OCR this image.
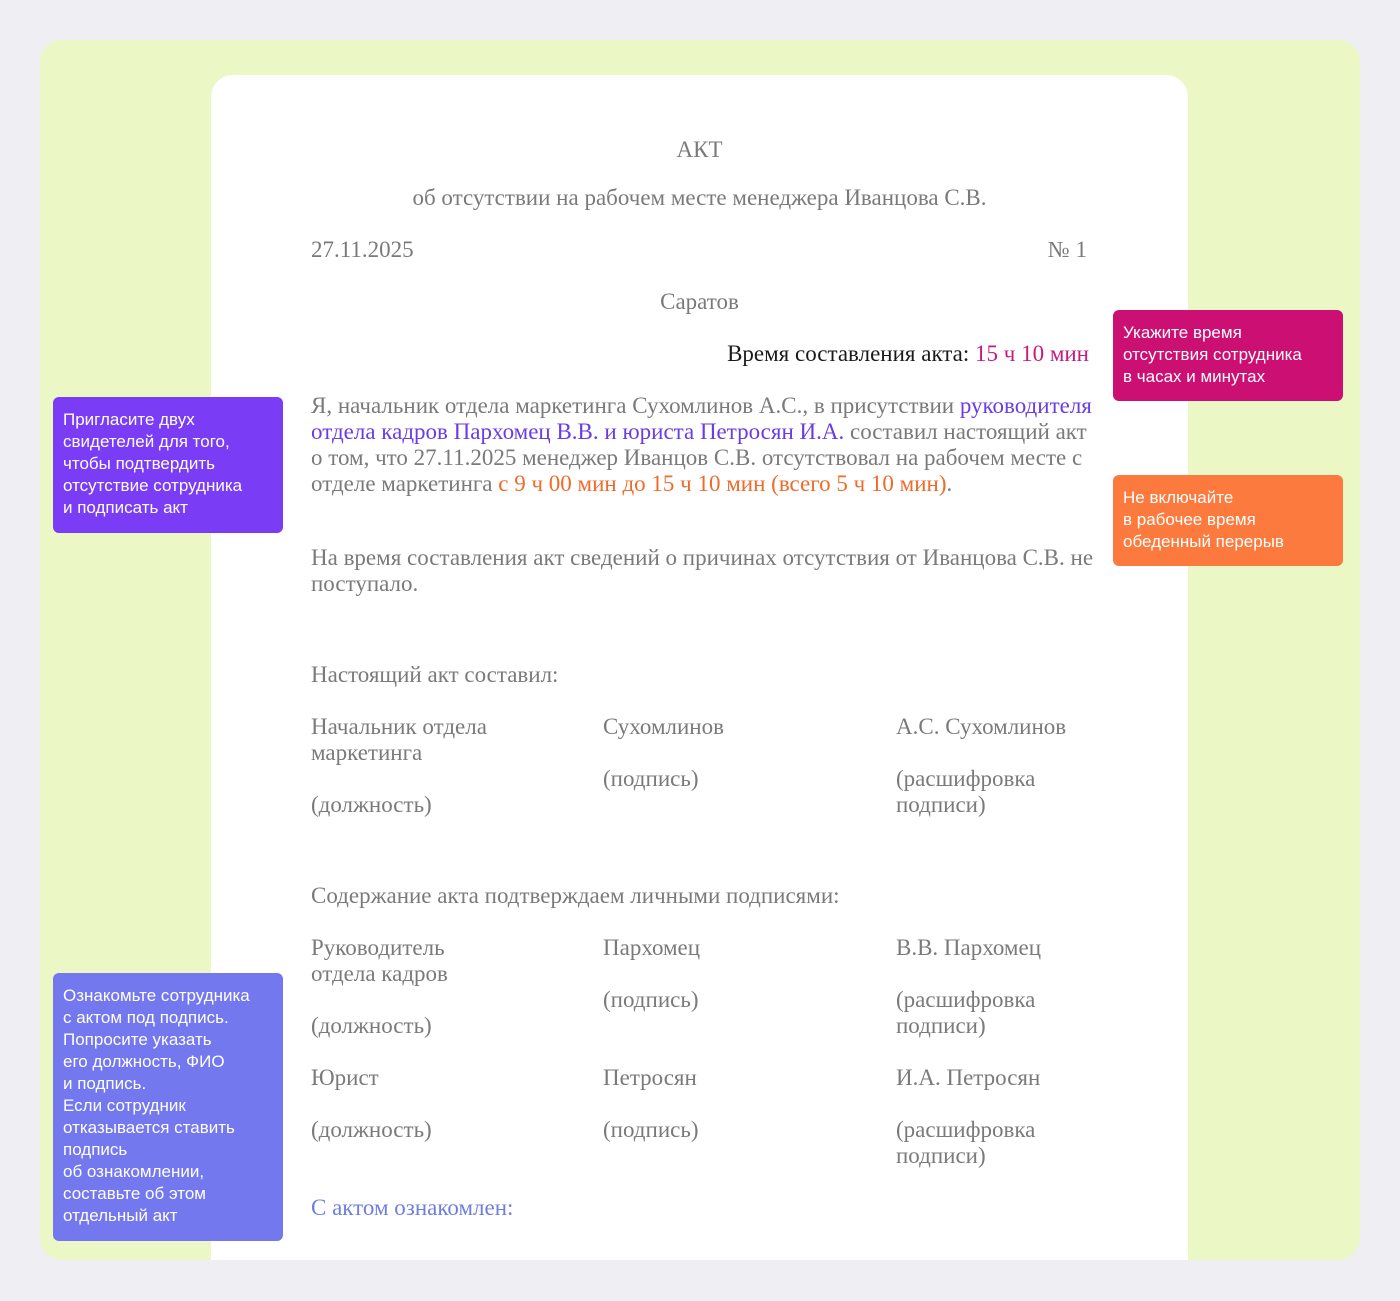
АКТ
об отсутствии на рабочем месте менеджера Иванцова С.В.
27.11.2025	№ 1
Саратов
Время составления акта: 15 ч 10 мин
Я, начальник отдела маркетинга Сухомлинов А.С., в присутствии руководителя отдела кадров Пархомец В.В. и юриста Петросян И.А. составил настоящий акт о том, что 27.11.2025 менеджер Иванцов С.В. отсутствовал на рабочем месте с отделе маркетинга с 9 ч 00 мин до 15 ч 10 мин (всего 5 ч 10 мин).
На время составления акт сведений о причинах отсутствия от Иванцова С.В. не поступало.
Настоящий акт составил:
Начальник отдела маркетинга
(должность)
Сухомлинов
(подпись)
А.С. Сухомлинов
(расшифровка подписи)
Содержание акта подтверждаем личными подписями:
Руководитель отдела кадров
(должность)
Пархомец
(подпись)
В.В. Пархомец
(расшифровка подписи)
Юрист
(должность)
Петросян
(подпись)
И.А. Петросян
(расшифровка подписи)
С актом ознакомлен:
Пригласите двух
свидетелей для того,
чтобы подтвердить
отсутствие сотрудника
и подписать акт
Укажите время
отсутствия сотрудника
в часах и минутах
Не включайте
в рабочее время
обеденный перерыв
Ознакомьте сотрудника
с актом под подпись.
Попросите указать
его должность, ФИО
и подпись.
Если сотрудник
отказывается ставить
подпись
об ознакомлении,
составьте об этом
отдельный акт
